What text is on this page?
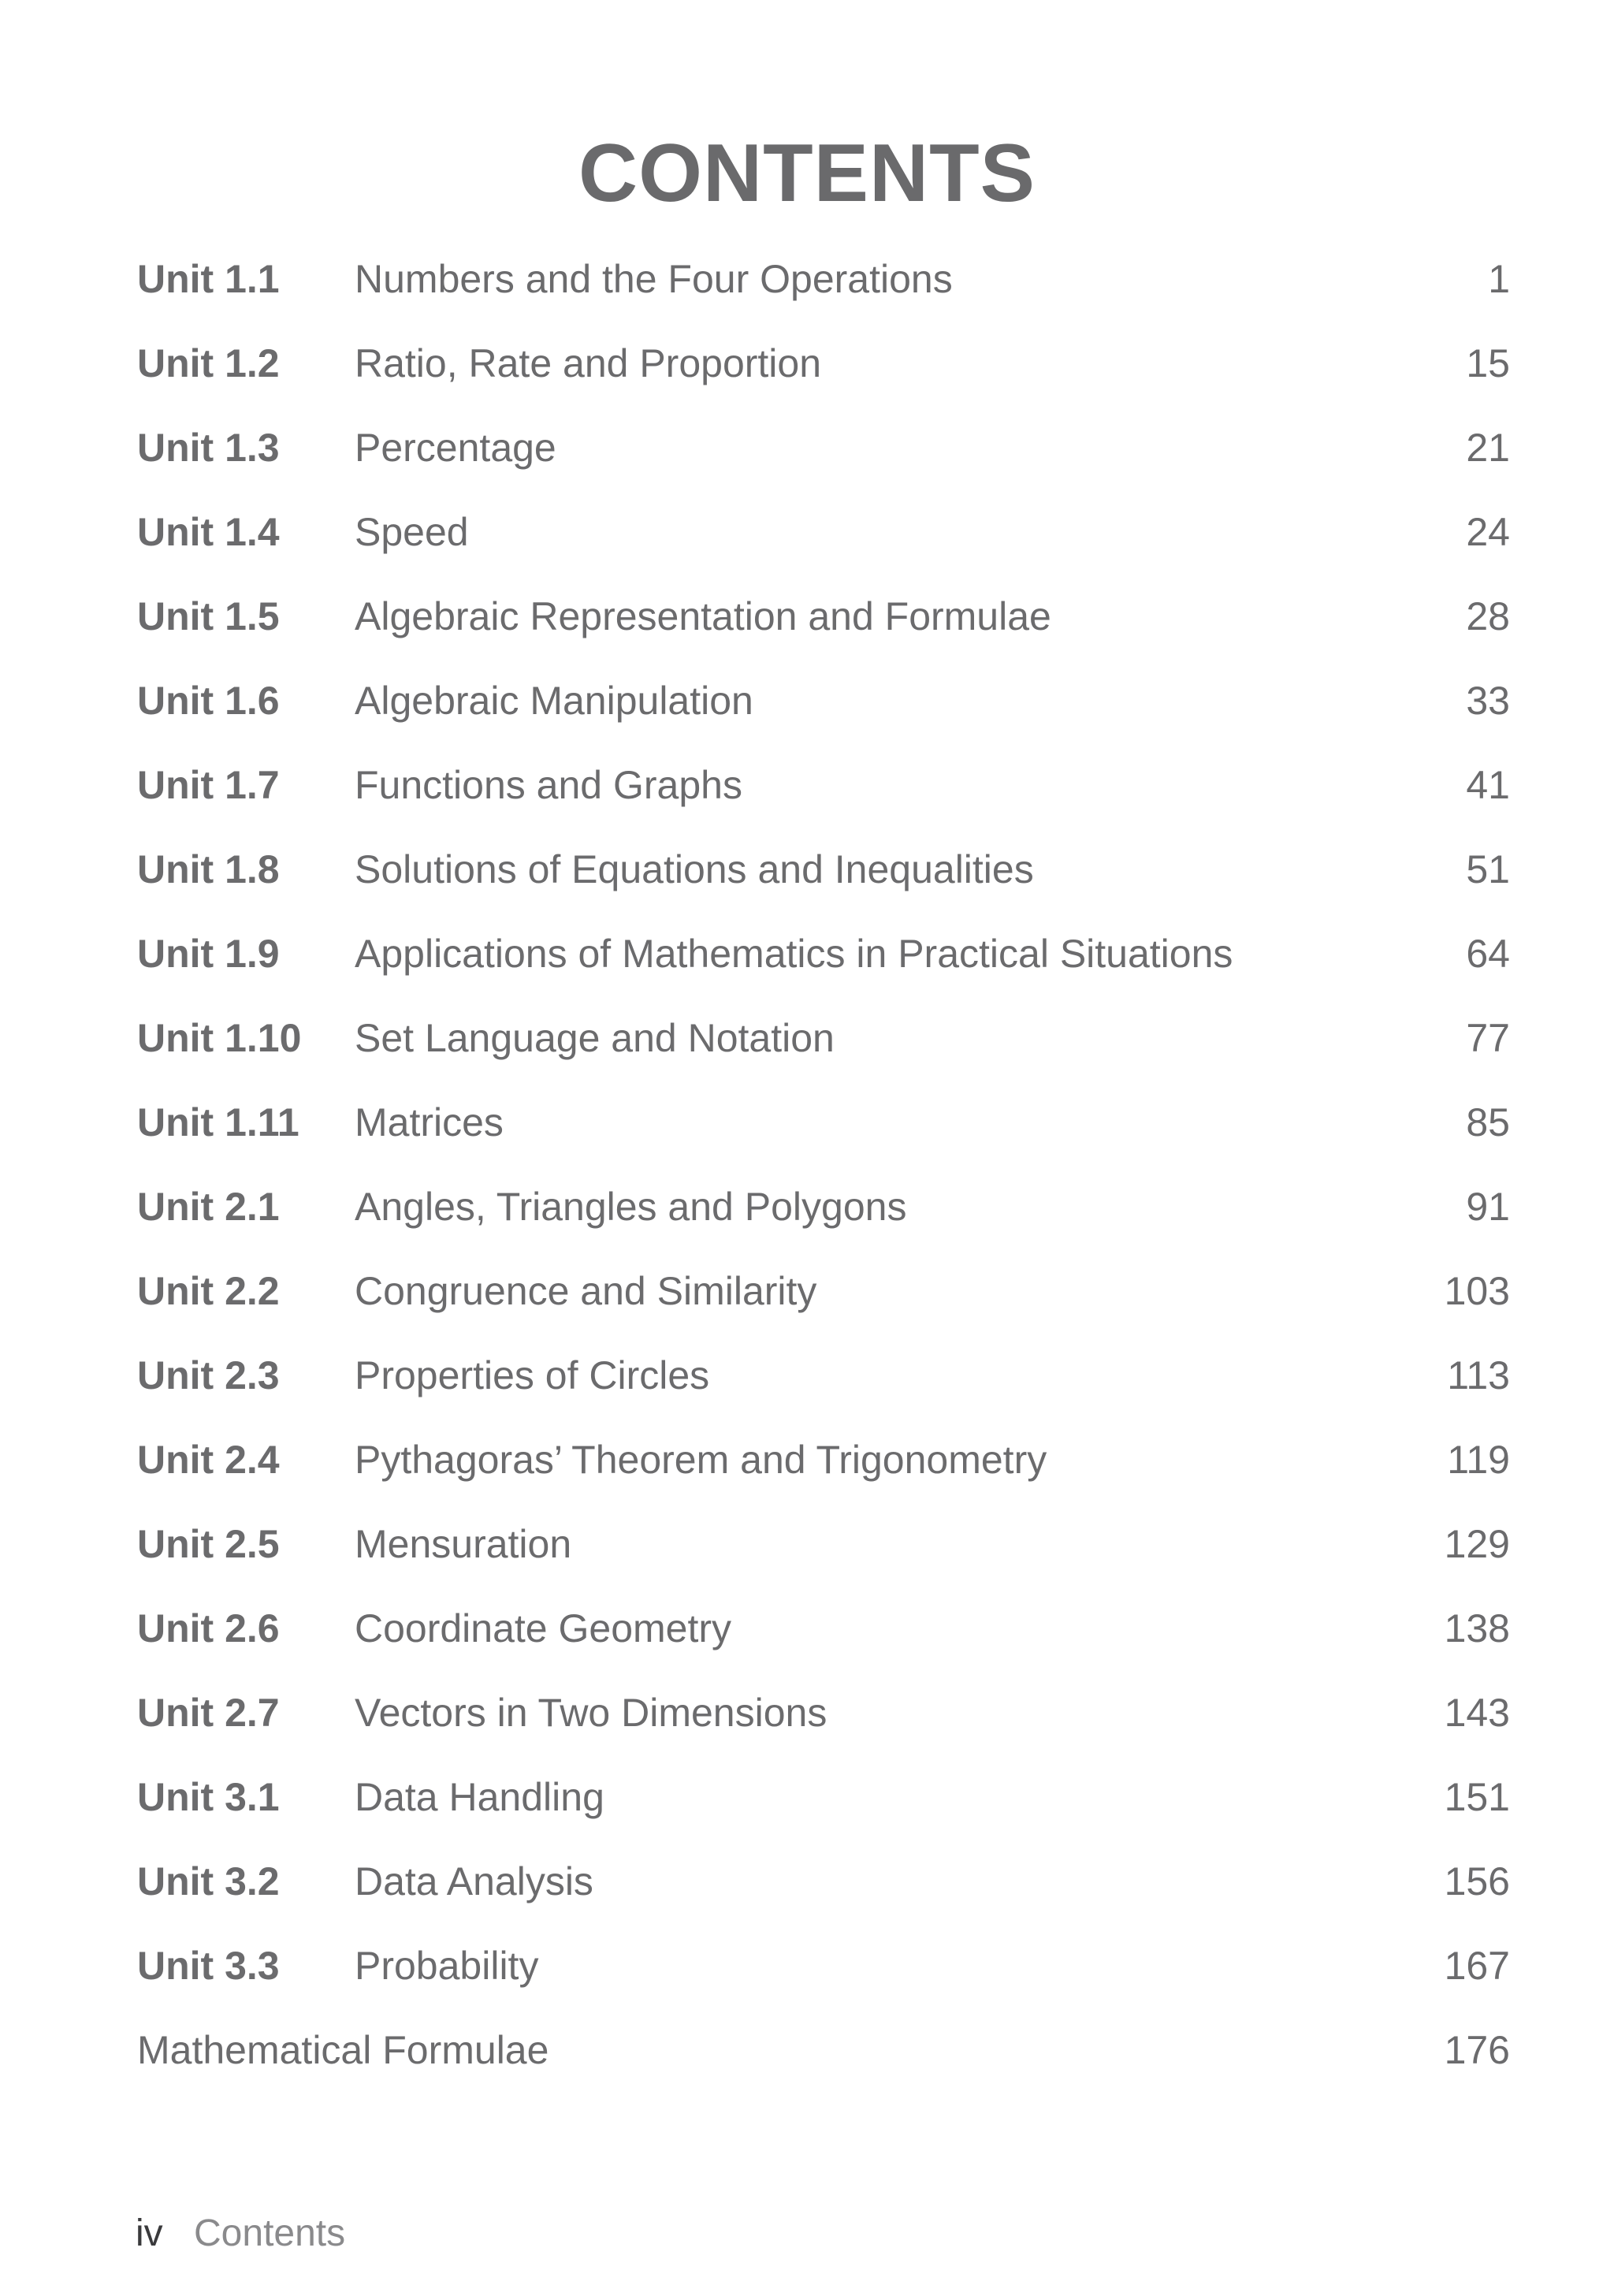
CONTENTS
Unit 1.1	Numbers and the Four Operations	1
Unit 1.2	Ratio, Rate and Proportion	15
Unit 1.3	Percentage	21
Unit 1.4	Speed	24
Unit 1.5	Algebraic Representation and Formulae	28
Unit 1.6	Algebraic Manipulation	33
Unit 1.7	Functions and Graphs	41
Unit 1.8	Solutions of Equations and Inequalities	51
Unit 1.9	Applications of Mathematics in Practical Situations	64
Unit 1.10	Set Language and Notation	77
Unit 1.11	Matrices	85
Unit 2.1	Angles, Triangles and Polygons	91
Unit 2.2	Congruence and Similarity	103
Unit 2.3	Properties of Circles	113
Unit 2.4	Pythagoras’ Theorem and Trigonometry	119
Unit 2.5	Mensuration	129
Unit 2.6	Coordinate Geometry	138
Unit 2.7	Vectors in Two Dimensions	143
Unit 3.1	Data Handling	151
Unit 3.2	Data Analysis	156
Unit 3.3	Probability	167
Mathematical Formulae	176
iv Contents
